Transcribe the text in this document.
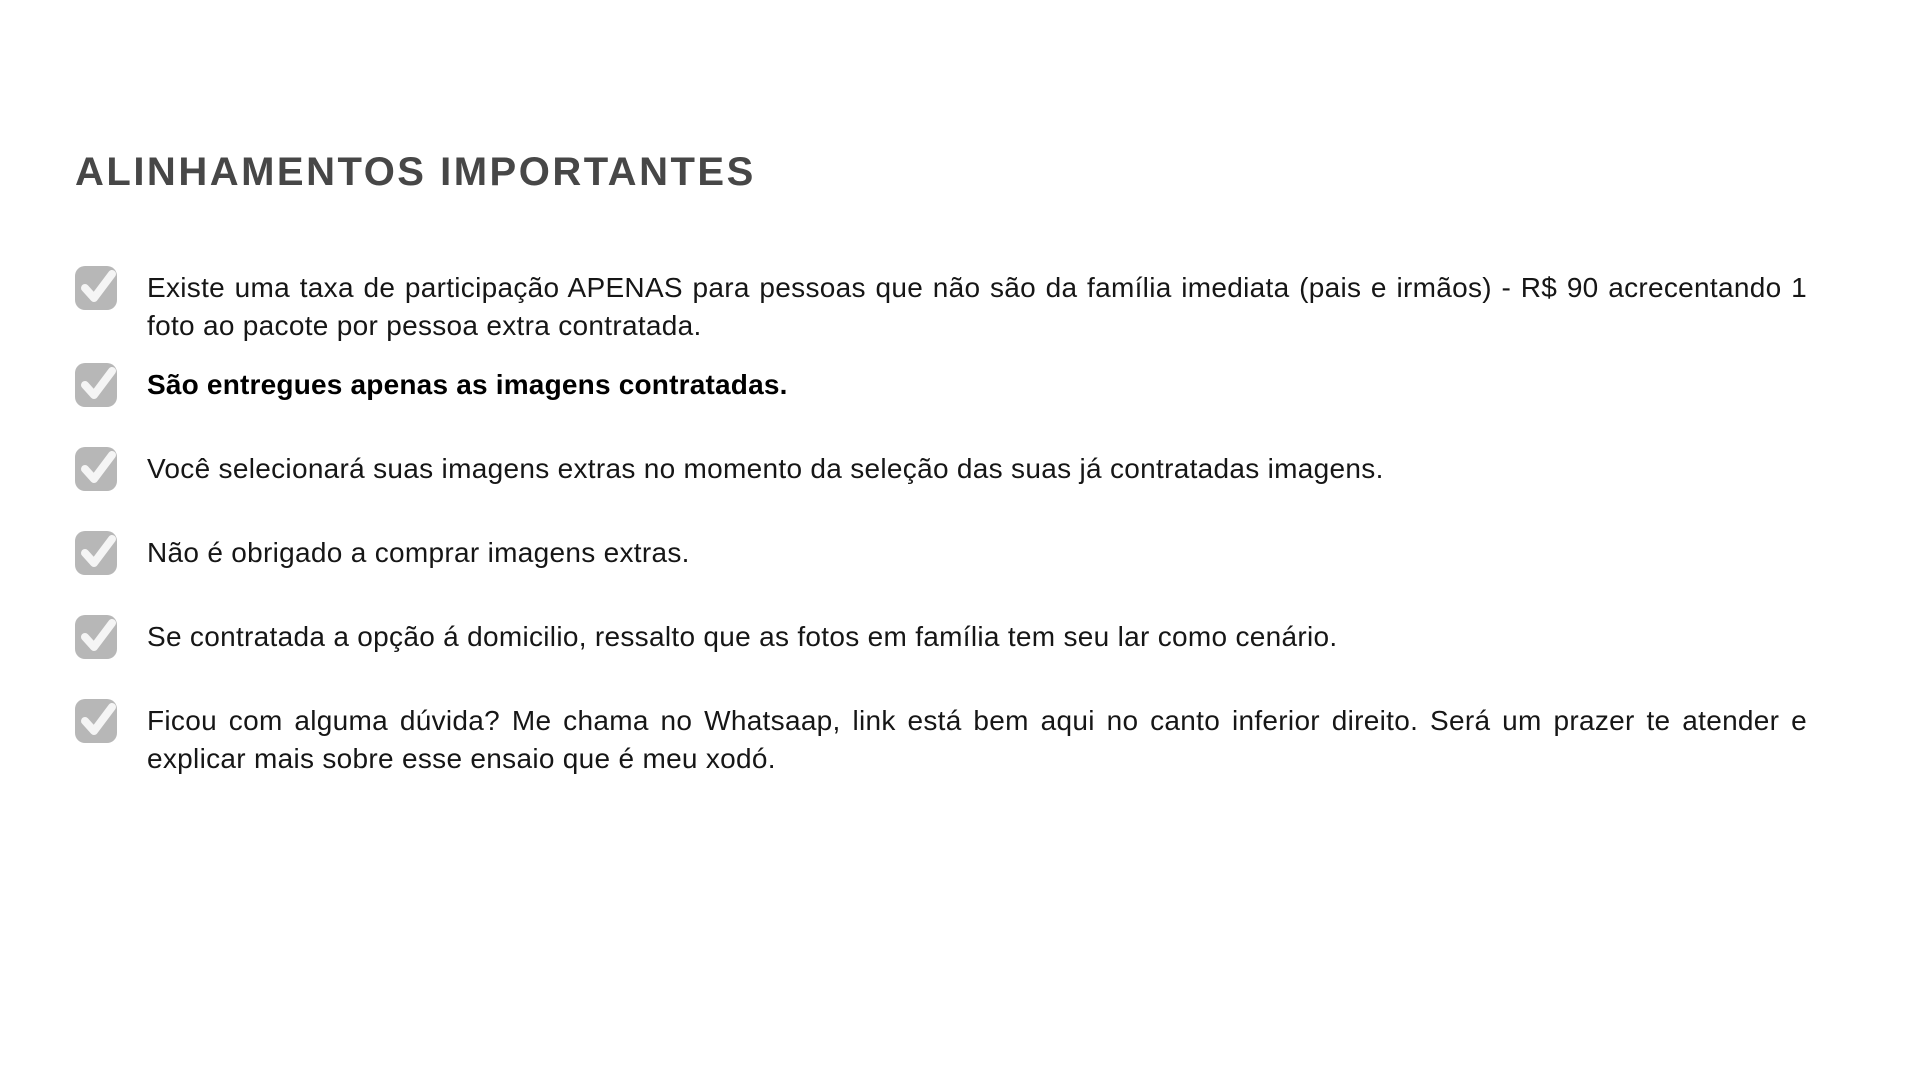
ALINHAMENTOS IMPORTANTES
Existe uma taxa de participação APENAS para pessoas que não são da família imediata (pais e irmãos) - R$ 90 acrecentando 1 foto ao pacote por pessoa extra contratada.
São entregues apenas as imagens contratadas.
Você selecionará suas imagens extras no momento da seleção das suas já contratadas imagens.
Não é obrigado a comprar imagens extras.
Se contratada a opção á domicilio, ressalto que as fotos em família tem seu lar como cenário.
Ficou com alguma dúvida? Me chama no Whatsaap, link está bem aqui no canto inferior direito. Será um prazer te atender e explicar mais sobre esse ensaio que é meu xodó.
